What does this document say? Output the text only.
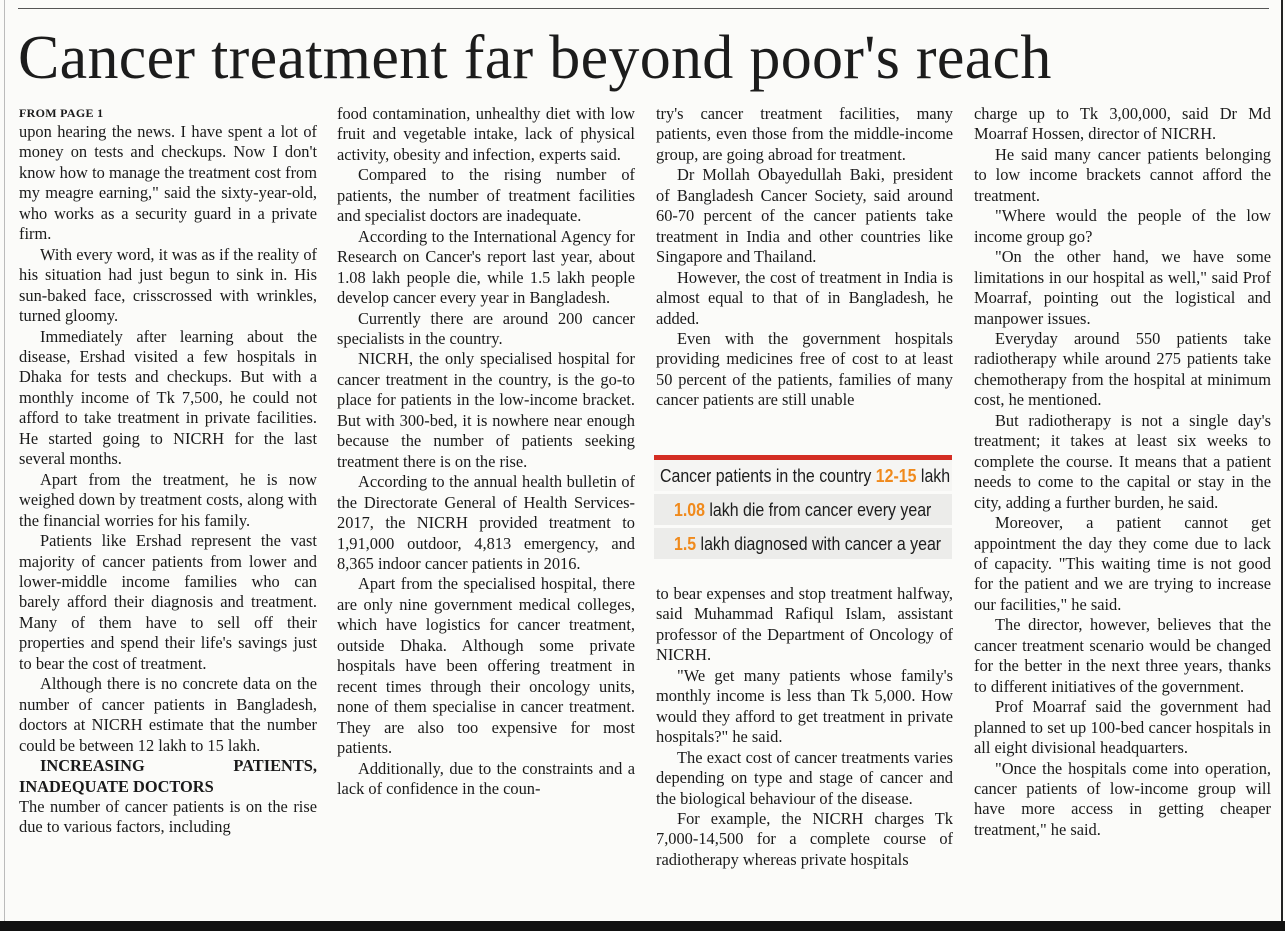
Cancer treatment far beyond poor's reach
FROM PAGE 1

upon hearing the news. I have spent a lot of money on tests and checkups. Now I don't know how to manage the treatment cost from my meagre earning," said the sixty-year-old, who works as a security guard in a private firm.

With every word, it was as if the reality of his situation had just begun to sink in. His sun-baked face, crisscrossed with wrinkles, turned gloomy.

Immediately after learning about the disease, Ershad visited a few hospitals in Dhaka for tests and checkups. But with a monthly income of Tk 7,500, he could not afford to take treatment in private facilities. He started going to NICRH for the last several months.

Apart from the treatment, he is now weighed down by treatment costs, along with the financial worries for his family.

Patients like Ershad represent the vast majority of cancer patients from lower and lower-middle income families who can barely afford their diagnosis and treatment. Many of them have to sell off their properties and spend their life's savings just to bear the cost of treatment.

Although there is no concrete data on the number of cancer patients in Bangladesh, doctors at NICRH estimate that the number could be between 12 lakh to 15 lakh.

INCREASING PATIENTS, INADEQUATE DOCTORS

The number of cancer patients is on the rise due to various factors, including

food contamination, unhealthy diet with low fruit and vegetable intake, lack of physical activity, obesity and infection, experts said.

Compared to the rising number of patients, the number of treatment facilities and specialist doctors are inadequate.

According to the International Agency for Research on Cancer's report last year, about 1.08 lakh people die, while 1.5 lakh people develop cancer every year in Bangladesh.

Currently there are around 200 cancer specialists in the country.

NICRH, the only specialised hospital for cancer treatment in the country, is the go-to place for patients in the low-income bracket. But with 300-bed, it is nowhere near enough because the number of patients seeking treatment there is on the rise.

According to the annual health bulletin of the Directorate General of Health Services-2017, the NICRH provided treatment to 1,91,000 outdoor, 4,813 emergency, and 8,365 indoor cancer patients in 2016.

Apart from the specialised hospital, there are only nine government medical colleges, which have logistics for cancer treatment, outside Dhaka. Although some private hospitals have been offering treatment in recent times through their oncology units, none of them specialise in cancer treatment. They are also too expensive for most patients.

Additionally, due to the constraints and a lack of confidence in the coun-

try's cancer treatment facilities, many patients, even those from the middle-income group, are going abroad for treatment.

Dr Mollah Obayedullah Baki, president of Bangladesh Cancer Society, said around 60-70 percent of the cancer patients take treatment in India and other countries like Singapore and Thailand.

However, the cost of treatment in India is almost equal to that of in Bangladesh, he added.

Even with the government hospitals providing medicines free of cost to at least 50 percent of the patients, families of many cancer patients are still unable

Cancer patients in the country 12-15 lakh
1.08 lakh die from cancer every year
1.5 lakh diagnosed with cancer a year

to bear expenses and stop treatment halfway, said Muhammad Rafiqul Islam, assistant professor of the Department of Oncology of NICRH.

"We get many patients whose family's monthly income is less than Tk 5,000. How would they afford to get treatment in private hospitals?" he said.

The exact cost of cancer treatments varies depending on type and stage of cancer and the biological behaviour of the disease.

For example, the NICRH charges Tk 7,000-14,500 for a complete course of radiotherapy whereas private hospitals

charge up to Tk 3,00,000, said Dr Md Moarraf Hossen, director of NICRH.

He said many cancer patients belonging to low income brackets cannot afford the treatment.

"Where would the people of the low income group go?

"On the other hand, we have some limitations in our hospital as well," said Prof Moarraf, pointing out the logistical and manpower issues.

Everyday around 550 patients take radiotherapy while around 275 patients take chemotherapy from the hospital at minimum cost, he mentioned.

But radiotherapy is not a single day's treatment; it takes at least six weeks to complete the course. It means that a patient needs to come to the capital or stay in the city, adding a further burden, he said.

Moreover, a patient cannot get appointment the day they come due to lack of capacity. "This waiting time is not good for the patient and we are trying to increase our facilities," he said.

The director, however, believes that the cancer treatment scenario would be changed for the better in the next three years, thanks to different initiatives of the government.

Prof Moarraf said the government had planned to set up 100-bed cancer hospitals in all eight divisional headquarters.

"Once the hospitals come into operation, cancer patients of low-income group will have more access in getting cheaper treatment," he said.
